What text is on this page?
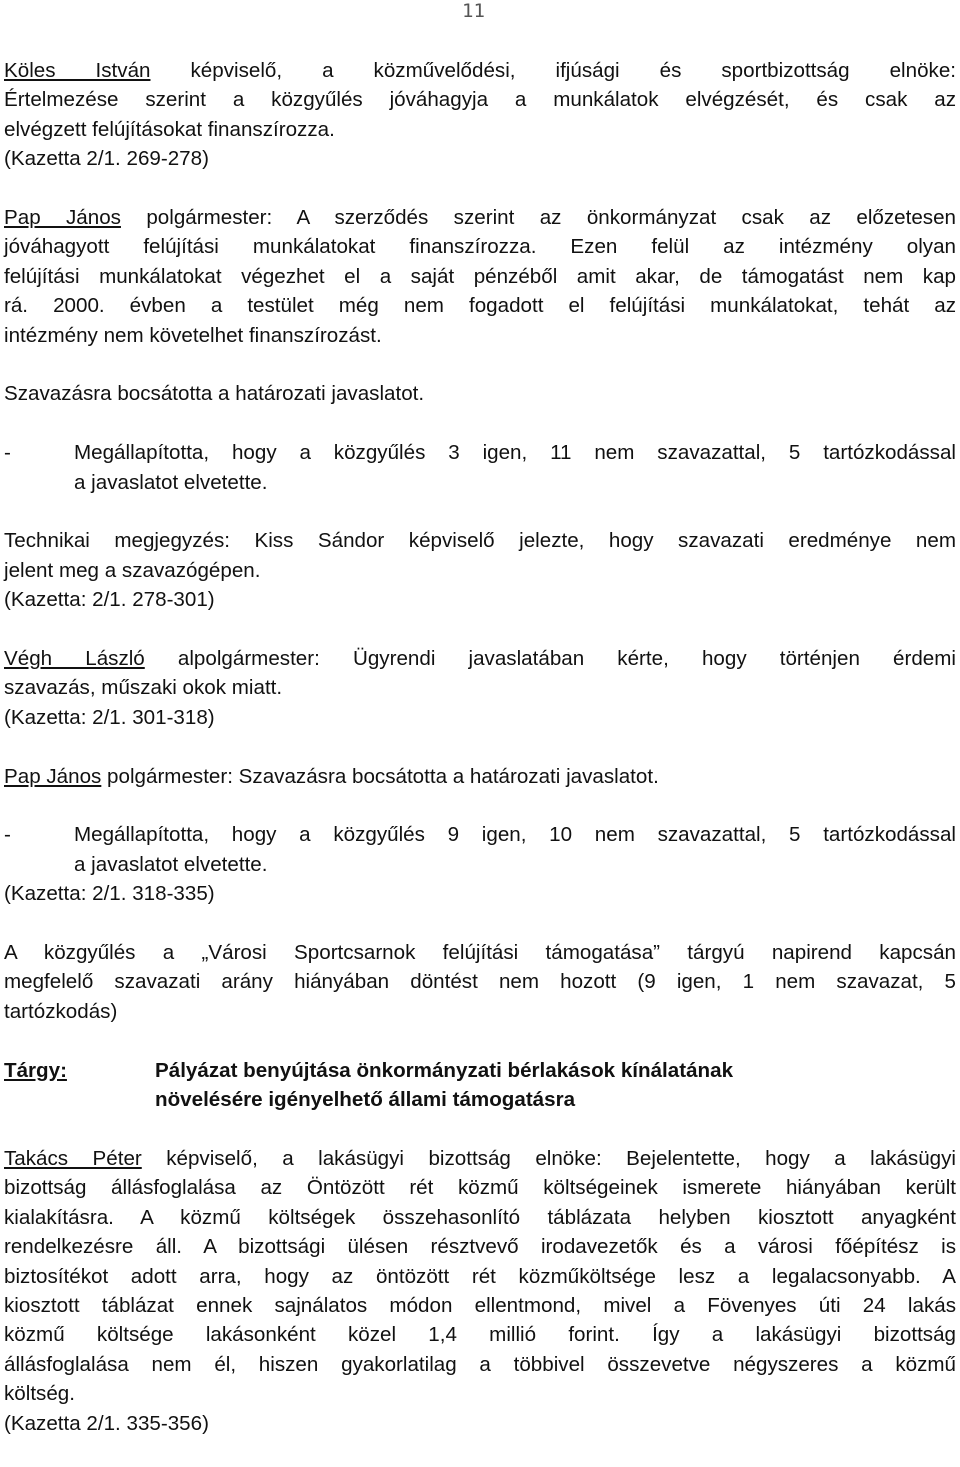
11
Köles István képviselő, a közművelődési, ifjúsági és sportbizottság elnöke:
Értelmezése szerint a közgyűlés jóváhagyja a munkálatok elvégzését, és csak az
elvégzett felújításokat finanszírozza.
(Kazetta 2/1. 269-278)
Pap János polgármester: A szerződés szerint az önkormányzat csak az előzetesen
jóváhagyott felújítási munkálatokat finanszírozza. Ezen felül az intézmény olyan
felújítási munkálatokat végezhet el a saját pénzéből amit akar, de támogatást nem kap
rá. 2000. évben a testület még nem fogadott el felújítási munkálatokat, tehát az
intézmény nem követelhet finanszírozást.
Szavazásra bocsátotta a határozati javaslatot.
-	Megállapította, hogy a közgyűlés 3 igen, 11 nem szavazattal, 5 tartózkodással
a javaslatot elvetette.
Technikai megjegyzés: Kiss Sándor képviselő jelezte, hogy szavazati eredménye nem
jelent meg a szavazógépen.
(Kazetta: 2/1. 278-301)
Végh László alpolgármester: Ügyrendi javaslatában kérte, hogy történjen érdemi
szavazás, műszaki okok miatt.
(Kazetta: 2/1. 301-318)
Pap János polgármester: Szavazásra bocsátotta a határozati javaslatot.
-	Megállapította, hogy a közgyűlés 9 igen, 10 nem szavazattal, 5 tartózkodással
a javaslatot elvetette.
(Kazetta: 2/1. 318-335)
A közgyűlés a „Városi Sportcsarnok felújítási támogatása” tárgyú napirend kapcsán
megfelelő szavazati arány hiányában döntést nem hozott (9 igen, 1 nem szavazat, 5
tartózkodás)
Tárgy:	Pályázat benyújtása önkormányzati bérlakások kínálatának
növelésére igényelhető állami támogatásra
Takács Péter képviselő, a lakásügyi bizottság elnöke: Bejelentette, hogy a lakásügyi
bizottság állásfoglalása az Öntözött rét közmű költségeinek ismerete hiányában került
kialakításra. A közmű költségek összehasonlító táblázata helyben kiosztott anyagként
rendelkezésre áll. A bizottsági ülésen résztvevő irodavezetők és a városi főépítész is
biztosítékot adott arra, hogy az öntözött rét közműköltsége lesz a legalacsonyabb. A
kiosztott táblázat ennek sajnálatos módon ellentmond, mivel a Fövenyes úti 24 lakás
közmű költsége lakásonként közel 1,4 millió forint. Így a lakásügyi bizottság
állásfoglalása nem él, hiszen gyakorlatilag a többivel összevetve négyszeres a közmű
költség.
(Kazetta 2/1. 335-356)
